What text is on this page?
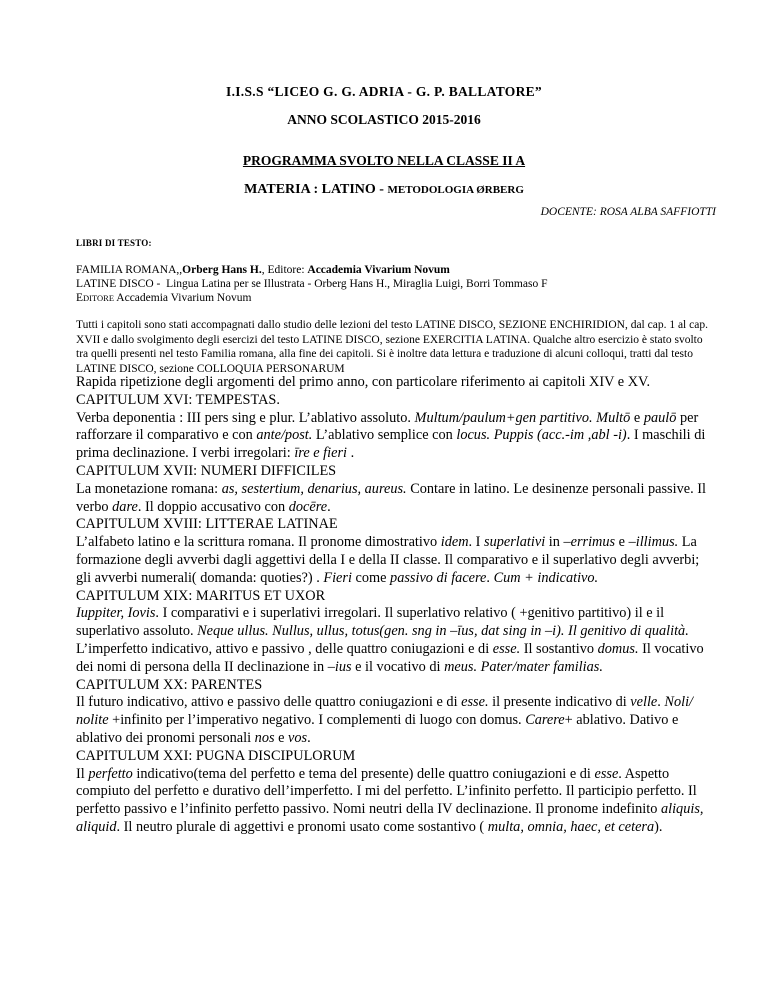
I.I.S.S “LICEO G. G. ADRIA - G. P. BALLATORE”
ANNO SCOLASTICO 2015-2016
PROGRAMMA SVOLTO NELLA CLASSE II A
MATERIA : LATINO - METODOLOGIA ØRBERG
DOCENTE: ROSA ALBA SAFFIOTTI
LIBRI DI TESTO:
FAMILIA ROMANA,,Orberg Hans H., Editore: Accademia Vivarium Novum
LATINE DISCO -  Lingua Latina per se Illustrata - Orberg Hans H., Miraglia Luigi, Borri Tommaso F
EDITORE Accademia Vivarium Novum
Tutti i capitoli sono stati accompagnati dallo studio delle lezioni del testo LATINE DISCO, SEZIONE ENCHIRIDION, dal cap. 1 al cap. XVII e dallo svolgimento degli esercizi del testo LATINE DISCO, sezione EXERCITIA LATINA. Qualche altro esercizio è stato svolto tra quelli presenti nel testo Familia romana, alla fine dei capitoli. Si è inoltre data lettura e traduzione di alcuni colloqui, tratti dal testo LATINE DISCO, sezione COLLOQUIA PERSONARUM

Rapida ripetizione degli argomenti del primo anno, con particolare riferimento ai capitoli XIV e XV.

CAPITULUM XVI: TEMPESTAS.

Verba deponentia : III pers sing e plur. L’ablativo assoluto. Multum/paulum+gen partitivo. Multō e paulō per rafforzare il comparativo e con ante/post. L’ablativo semplice con locus. Puppis (acc.-im ,abl -i). I maschili di prima declinazione. I verbi irregolari: īre e fieri .

CAPITULUM XVII: NUMERI DIFFICILES

La monetazione romana: as, sestertium, denarius, aureus. Contare in latino. Le desinenze personali passive. Il verbo dare. Il doppio accusativo con docēre.

CAPITULUM XVIII: LITTERAE LATINAE

L’alfabeto latino e la scrittura romana. Il pronome dimostrativo idem. I superlativi in –errimus e –illimus. La formazione degli avverbi dagli aggettivi della I e della II classe. Il comparativo e il superlativo degli avverbi; gli avverbi numerali( domanda: quoties?) . Fieri come passivo di facere. Cum + indicativo.

CAPITULUM XIX: MARITUS ET UXOR

Iuppiter, Iovis. I comparativi e i superlativi irregolari. Il superlativo relativo ( +genitivo partitivo) il e il superlativo assoluto. Neque ullus. Nullus, ullus, totus(gen. sng in –īus, dat sing in –i). Il genitivo di qualità. L’imperfetto indicativo, attivo e passivo , delle quattro coniugazioni e di esse. Il sostantivo domus. Il vocativo dei nomi di persona della II declinazione in –ius e il vocativo di meus. Pater/mater familias.

CAPITULUM XX: PARENTES

Il futuro indicativo, attivo e passivo delle quattro coniugazioni e di esse. il presente indicativo di velle. Noli/ nolite +infinito per l’imperativo negativo. I complementi di luogo con domus. Carere+ ablativo. Dativo e ablativo dei pronomi personali nos e vos.

CAPITULUM XXI: PUGNA DISCIPULORUM

Il perfetto indicativo(tema del perfetto e tema del presente) delle quattro coniugazioni e di esse. Aspetto compiuto del perfetto e durativo dell’imperfetto. I mi del perfetto. L’infinito perfetto. Il participio perfetto. Il perfetto passivo e l’infinito perfetto passivo. Nomi neutri della IV declinazione. Il pronome indefinito aliquis, aliquid. Il neutro plurale di aggettivi e pronomi usato come sostantivo ( multa, omnia, haec, et cetera).
